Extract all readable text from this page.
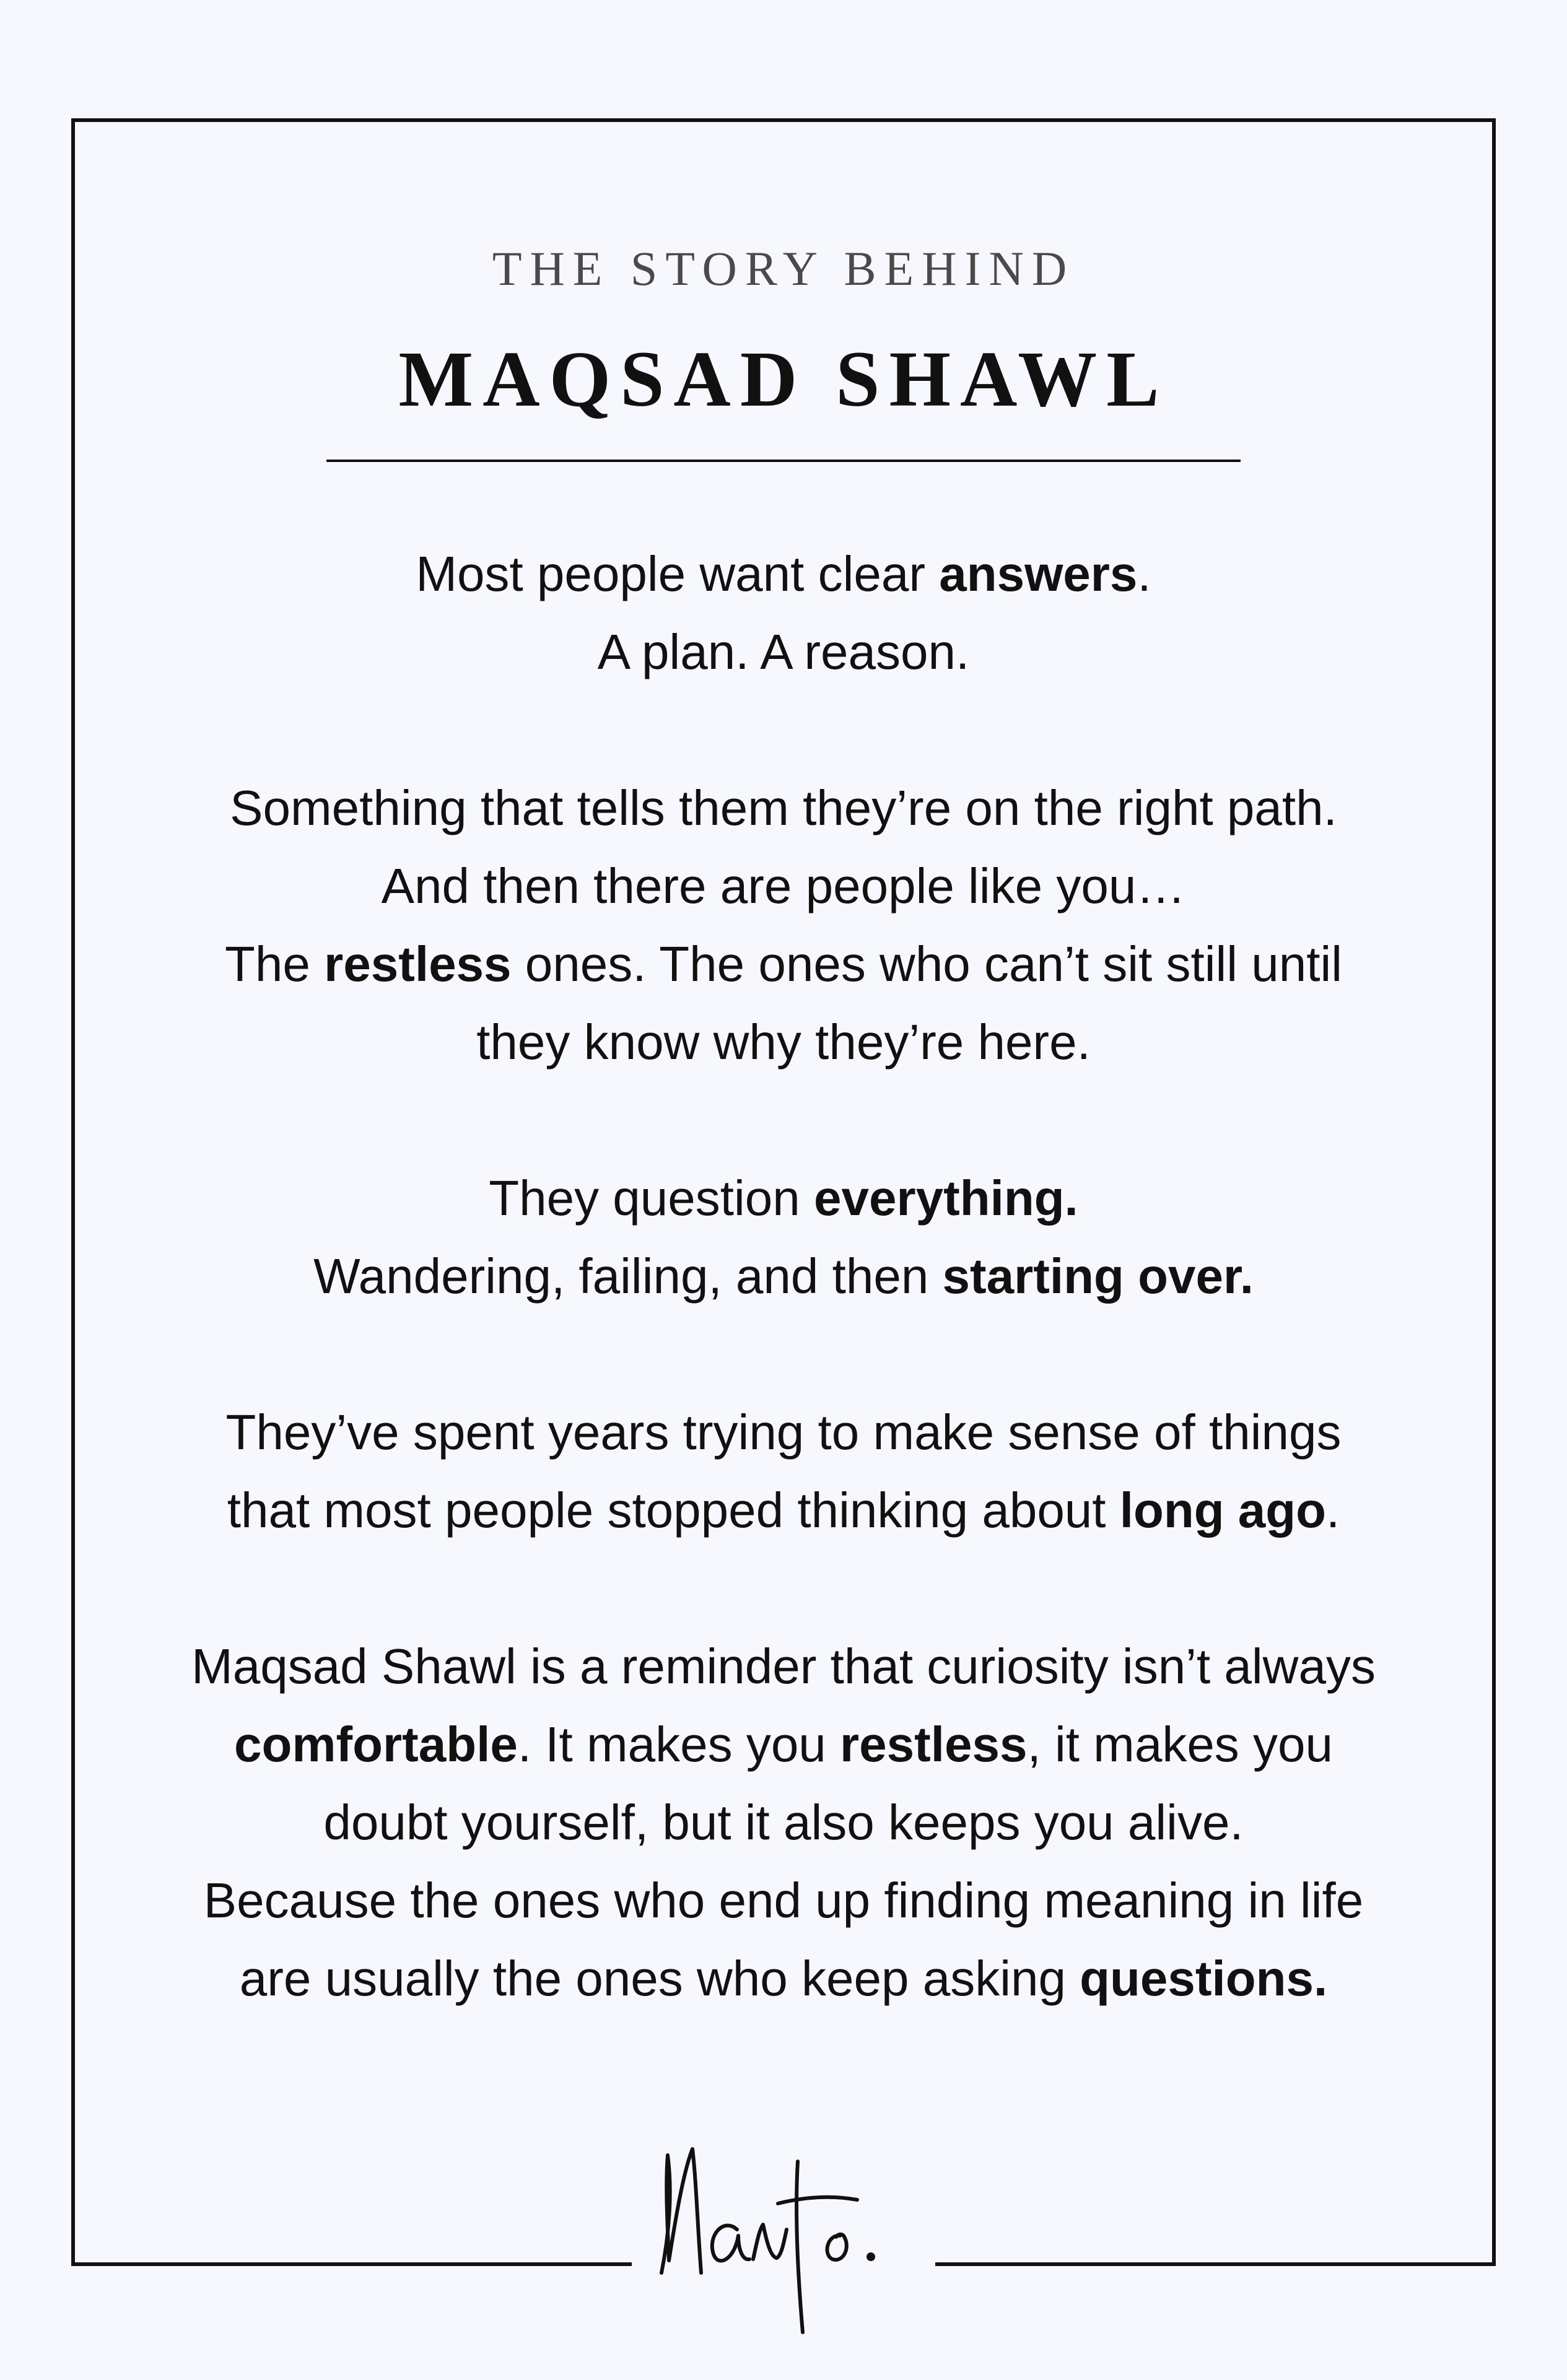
THE STORY BEHIND
MAQSAD SHAWL

Most people want clear answers.
A plan. A reason.

Something that tells them they’re on the right path.
And then there are people like you…
The restless ones. The ones who can’t sit still until
they know why they’re here.

They question everything.
Wandering, failing, and then starting over.

They’ve spent years trying to make sense of things
that most people stopped thinking about long ago.

Maqsad Shawl is a reminder that curiosity isn’t always
comfortable. It makes you restless, it makes you
doubt yourself, but it also keeps you alive.
Because the ones who end up finding meaning in life
are usually the ones who keep asking questions.
